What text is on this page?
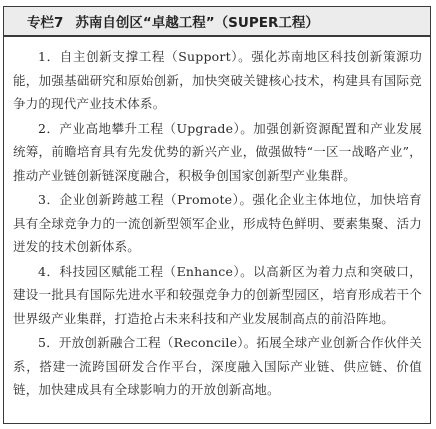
专栏7 苏南自创区“卓越工程”（SUPER工程）

1．自主创新支撑工程（Support）。强化苏南地区科技创新策源功能，加强基础研究和原始创新，加快突破关键核心技术，构建具有国际竞争力的现代产业技术体系。

2．产业高地攀升工程（Upgrade）。加强创新资源配置和产业发展统筹，前瞻培育具有先发优势的新兴产业，做强做特“一区一战略产业”，推动产业链创新链深度融合，积极争创国家创新型产业集群。

3．企业创新跨越工程（Promote）。强化企业主体地位，加快培育具有全球竞争力的一流创新型领军企业，形成特色鲜明、要素集聚、活力迸发的技术创新体系。

4．科技园区赋能工程（Enhance）。以高新区为着力点和突破口，建设一批具有国际先进水平和较强竞争力的创新型园区，培育形成若干个世界级产业集群，打造抢占未来科技和产业发展制高点的前沿阵地。

5．开放创新融合工程（Reconcile）。拓展全球产业创新合作伙伴关系，搭建一流跨国研发合作平台，深度融入国际产业链、供应链、价值链，加快建成具有全球影响力的开放创新高地。
